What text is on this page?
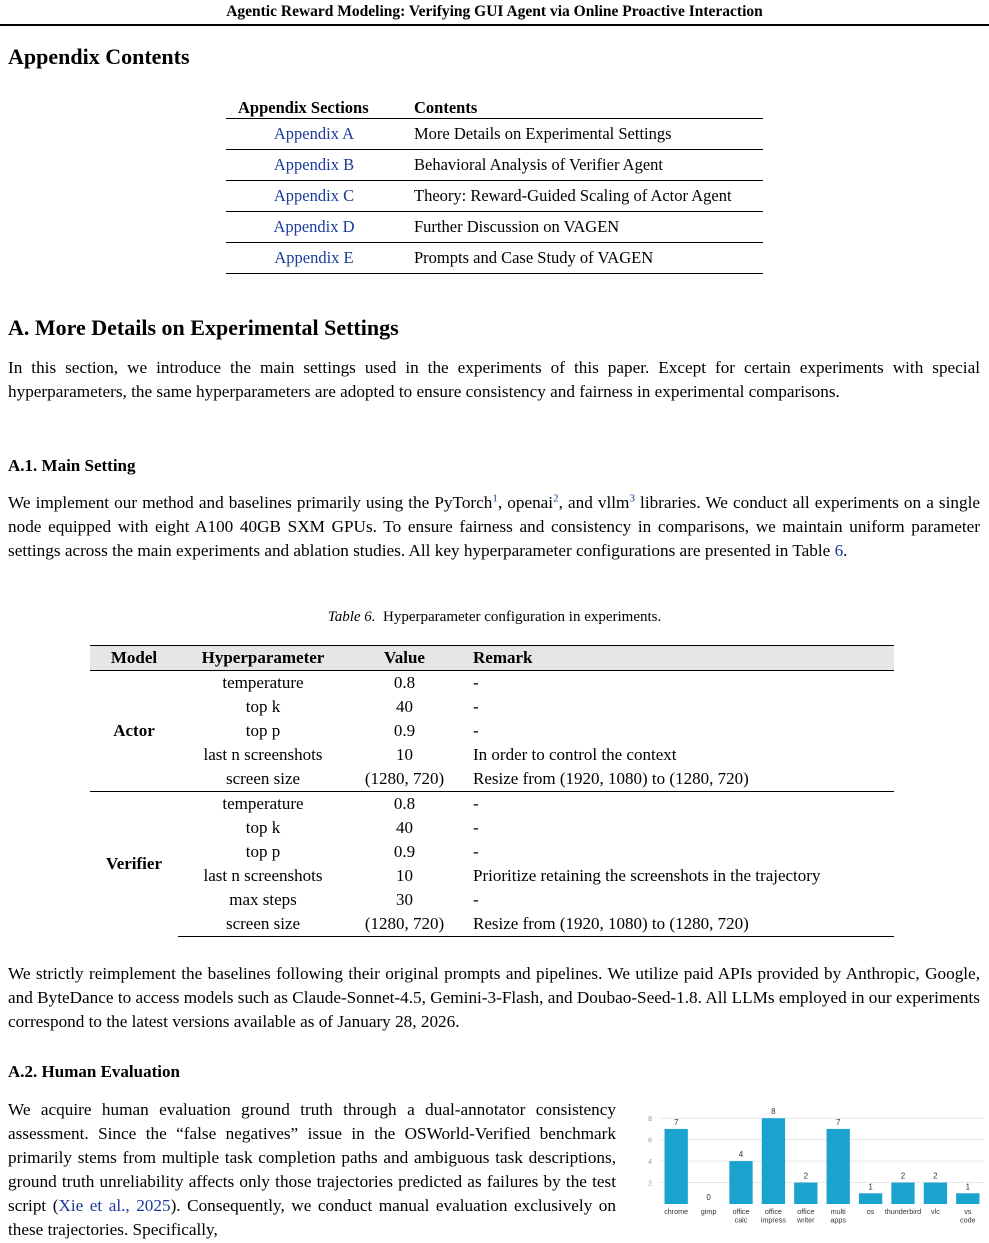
Agentic Reward Modeling: Verifying GUI Agent via Online Proactive Interaction
Appendix Contents
Appendix Sections	Contents
Appendix A	More Details on Experimental Settings
Appendix B	Behavioral Analysis of Verifier Agent
Appendix C	Theory: Reward-Guided Scaling of Actor Agent
Appendix D	Further Discussion on VAGEN
Appendix E	Prompts and Case Study of VAGEN
A. More Details on Experimental Settings

In this section, we introduce the main settings used in the experiments of this paper. Except for certain experiments with special hyperparameters, the same hyperparameters are adopted to ensure consistency and fairness in experimental comparisons.

A.1. Main Setting

We implement our method and baselines primarily using the PyTorch$^1$, openai$^2$, and vllm$^3$ libraries. We conduct all experiments on a single node equipped with eight A100 40GB SXM GPUs. To ensure fairness and consistency in comparisons, we maintain uniform parameter settings across the main experiments and ablation studies. All key hyperparameter configurations are presented in Table 6.

Table 6. Hyperparameter configuration in experiments.
Model	Hyperparameter	Value	Remark
Actor	temperature	0.8	-
	top k	40	-
	top p	0.9	-
	last n screenshots	10	In order to control the context
	screen size	(1280, 720)	Resize from (1920, 1080) to (1280, 720)
Verifier	temperature	0.8	-
	top k	40	-
	top p	0.9	-
	last n screenshots	10	Prioritize retaining the screenshots in the trajectory
	max steps	30	-
	screen size	(1280, 720)	Resize from (1920, 1080) to (1280, 720)

We strictly reimplement the baselines following their original prompts and pipelines. We utilize paid APIs provided by Anthropic, Google, and ByteDance to access models such as Claude-Sonnet-4.5, Gemini-3-Flash, and Doubao-Seed-1.8. All LLMs employed in our experiments correspond to the latest versions available as of January 28, 2026.

A.2. Human Evaluation

We acquire human evaluation ground truth through a dual-annotator consistency assessment. Since the “false negatives” issue in the OSWorld-Verified benchmark primarily stems from multiple task completion paths and ambiguous task descriptions, ground truth unreliability affects only those trajectories predicted as failures by the test script (Xie et al., 2025). Consequently, we conduct manual evaluation exclusively on these trajectories. Specifically,

2
4
6
8	7
chrome
0
gimp
4
office
calc
8
office
impress
2
office
writer
7
multi
apps
1
os
2
thunderbird
2
vlc
1
vs
code
